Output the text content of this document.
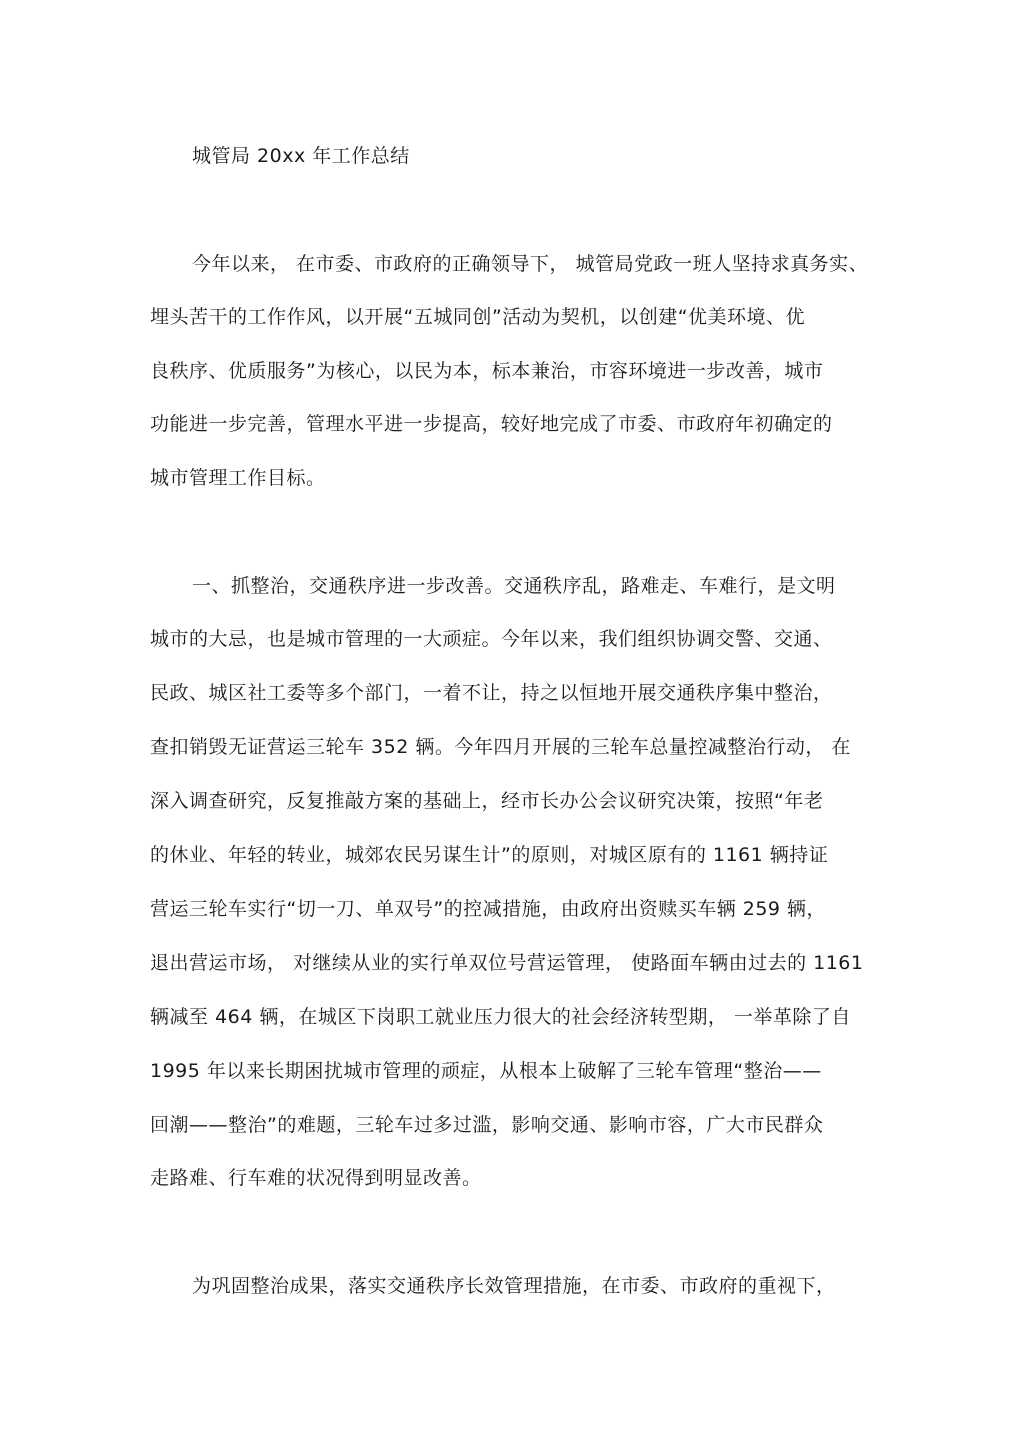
城管局 20xx 年工作总结
今年以来， 在市委、市政府的正确领导下， 城管局党政一班人坚持求真务实、
埋头苦干的工作作风，以开展“五城同创”活动为契机，以创建“优美环境、优
良秩序、优质服务”为核心，以民为本，标本兼治，市容环境进一步改善，城市
功能进一步完善，管理水平进一步提高，较好地完成了市委、市政府年初确定的
城市管理工作目标。
一、抓整治，交通秩序进一步改善。交通秩序乱，路难走、车难行，是文明
城市的大忌，也是城市管理的一大顽症。今年以来，我们组织协调交警、交通、
民政、城区社工委等多个部门，一着不让，持之以恒地开展交通秩序集中整治，
查扣销毁无证营运三轮车 352 辆。今年四月开展的三轮车总量控减整治行动， 在
深入调查研究，反复推敲方案的基础上，经市长办公会议研究决策，按照“年老
的休业、年轻的转业，城郊农民另谋生计”的原则，对城区原有的 1161 辆持证
营运三轮车实行“切一刀、单双号”的控减措施，由政府出资赎买车辆 259 辆，
退出营运市场， 对继续从业的实行单双位号营运管理， 使路面车辆由过去的 1161
辆减至 464 辆，在城区下岗职工就业压力很大的社会经济转型期， 一举革除了自
1995 年以来长期困扰城市管理的顽症，从根本上破解了三轮车管理“整治——
回潮——整治”的难题，三轮车过多过滥，影响交通、影响市容，广大市民群众
走路难、行车难的状况得到明显改善。
为巩固整治成果，落实交通秩序长效管理措施，在市委、市政府的重视下，
